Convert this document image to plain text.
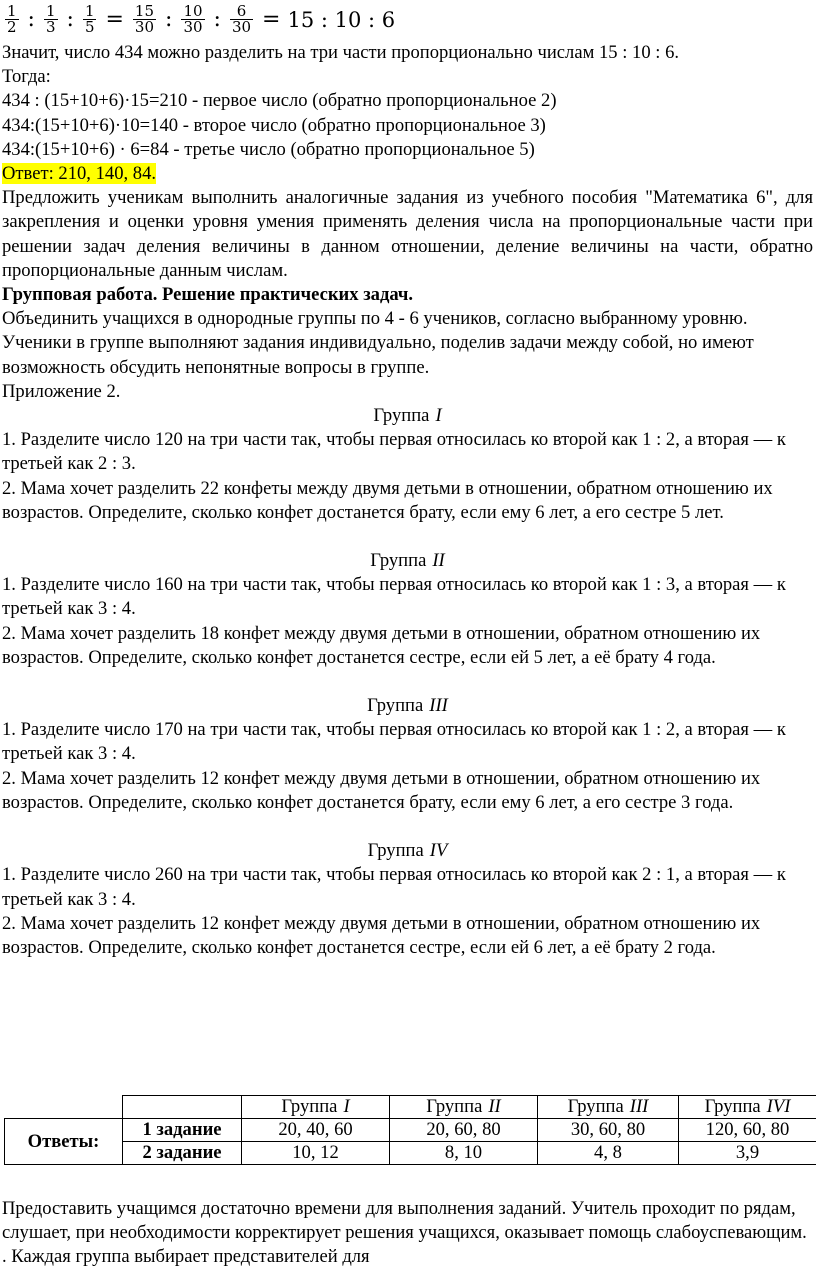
$\frac{1}{2}$ : $\frac{1}{3}$ : $\frac{1}{5} = \frac{15}{30}$ : $\frac{10}{30}$ : $\frac{6}{30} = 15$ : 10 : 6

Значит, число 434 можно разделить на три части пропорционально числам 15 : 10 : 6.

Тогда:

434 : (15+10+6)·15=210 - первое число (обратно пропорциональное 2)

434:(15+10+6)·10=140 - второе число (обратно пропорциональное 3)

434:(15+10+6) · 6=84 - третье число (обратно пропорциональное 5)

Ответ: 210, 140, 84.

Предложить ученикам выполнить аналогичные задания из учебного пособия "Математика 6", для закрепления и оценки уровня умения применять деления числа на пропорциональные части при решении задач деления величины в данном отношении, деление величины на части, обратно пропорциональные данным числам.

Групповая работа. Решение практических задач.

Объединить учащихся в однородные группы по 4 - 6 учеников, согласно выбранному уровню. Ученики в группе выполняют задания индивидуально, поделив задачи между собой, но имеют возможность обсудить непонятные вопросы в группе.

Приложение 2.

Группа I

1. Разделите число 120 на три части так, чтобы первая относилась ко второй как 1 : 2, а вторая — к третьей как 2 : 3.

2. Мама хочет разделить 22 конфеты между двумя детьми в отношении, обратном отношению их возрастов. Определите, сколько конфет достанется брату, если ему 6 лет, а его сестре 5 лет.

Группа II

1. Разделите число 160 на три части так, чтобы первая относилась ко второй как 1 : 3, а вторая — к третьей как 3 : 4.

2. Мама хочет разделить 18 конфет между двумя детьми в отношении, обратном отношению их возрастов. Определите, сколько конфет достанется сестре, если ей 5 лет, а её брату 4 года.

Группа III

1. Разделите число 170 на три части так, чтобы первая относилась ко второй как 1 : 2, а вторая — к третьей как 3 : 4.

2. Мама хочет разделить 12 конфет между двумя детьми в отношении, обратном отношению их возрастов. Определите, сколько конфет достанется брату, если ему 6 лет, а его сестре 3 года.

Группа IV

1. Разделите число 260 на три части так, чтобы первая относилась ко второй как 2 : 1, а вторая — к третьей как 3 : 4.

2. Мама хочет разделить 12 конфет между двумя детьми в отношении, обратном отношению их возрастов. Определите, сколько конфет достанется сестре, если ей 6 лет, а её брату 2 года.

		Группа I	Группа II	Группа III	Группа IVI
Ответы:	1 задание	20, 40, 60	20, 60, 80	30, 60, 80	120, 60, 80
	2 задание	10, 12	8, 10	4, 8	3,9

Предоставить учащимся достаточно времени для выполнения заданий. Учитель проходит по рядам, слушает, при необходимости корректирует решения учащихся, оказывает помощь слабоуспевающим. . Каждая группа выбирает представителей для
